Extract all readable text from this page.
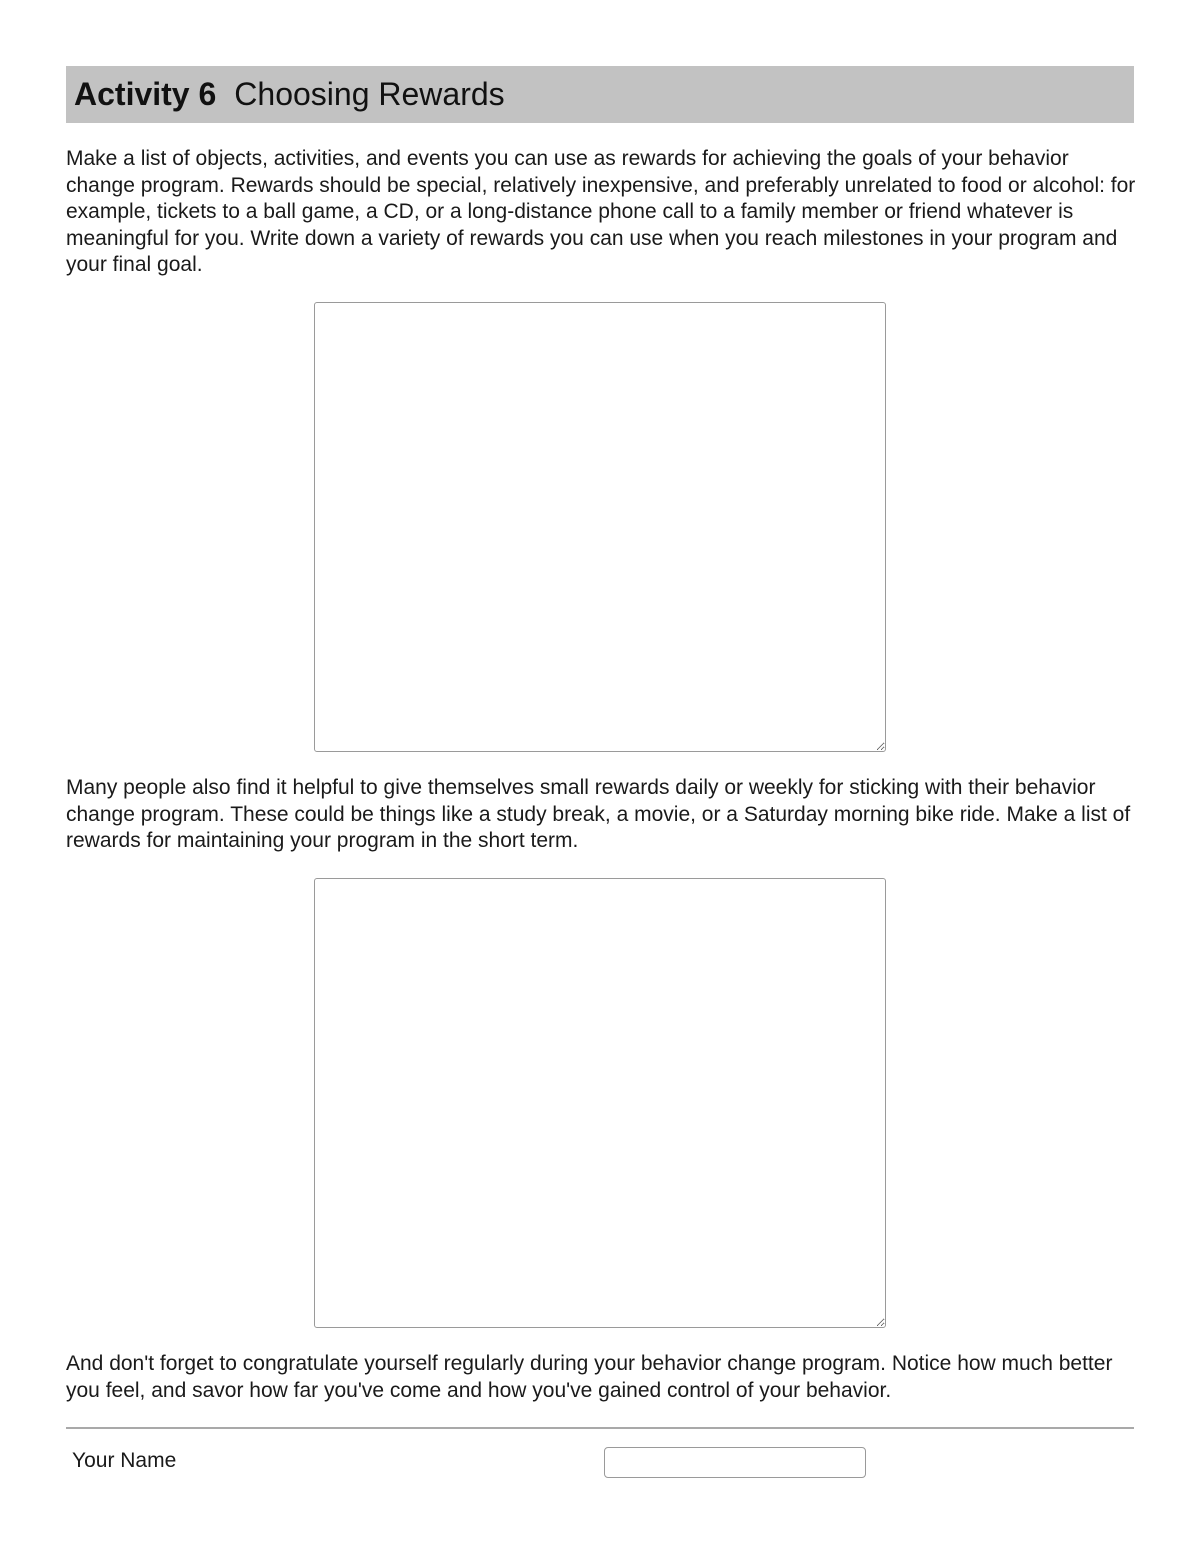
Activity 6 Choosing Rewards

Make a list of objects, activities, and events you can use as rewards for achieving the goals of your behavior change program. Rewards should be special, relatively inexpensive, and preferably unrelated to food or alcohol: for example, tickets to a ball game, a CD, or a long-distance phone call to a family member or friend whatever is meaningful for you. Write down a variety of rewards you can use when you reach milestones in your program and your final goal.

Many people also find it helpful to give themselves small rewards daily or weekly for sticking with their behavior change program. These could be things like a study break, a movie, or a Saturday morning bike ride. Make a list of rewards for maintaining your program in the short term.

And don't forget to congratulate yourself regularly during your behavior change program. Notice how much better you feel, and savor how far you've come and how you've gained control of your behavior.

Your Name
